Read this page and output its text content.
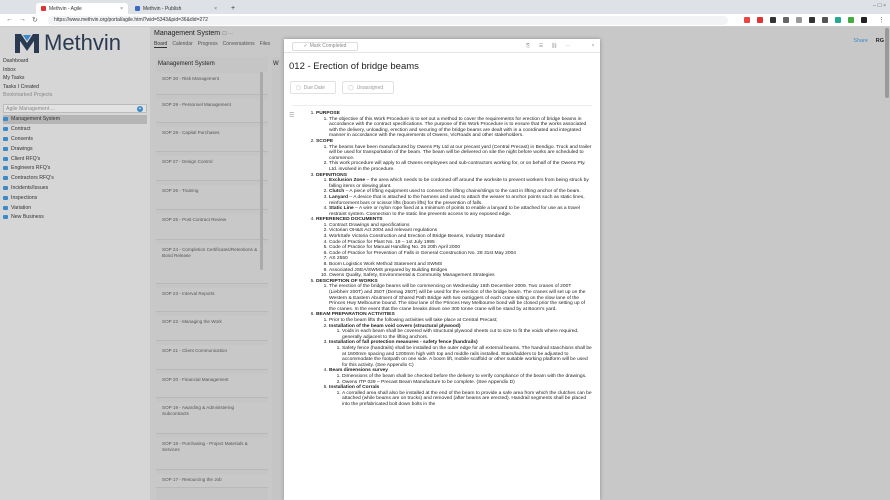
Methvin - Agile	×	Methvin - Publish	× +	– ☐ ×
← → ↻	https://www.methvin.org/portal/agile.html?wid=5343&pid=36&did=272	⋮
Methvin
Dashboard
Inbox
My Tasks
Tasks I Created
Bookmarked Projects
Agile Management ...	+
Management System
Contract
Consents
Drawings
Client RFQ's
Engineers RFQ's
Contractors RFQ's
Incidents/Issues
Inspections
Variation
New Business
Management System ☐ ···
Board Calendar Progress Conversations Files	Share RG
Management System
SOP 30 - Risk Management
SOP 29 - Personnel Management
SOP 28 - Capital Purchases
SOP 27 - Design Control
SOP 26 - Training
SOP 25 - Post Contract Review
SOP 24 - Completion Certificates/Retentions & Bond Release
SOP 23 - Interval Reports
SOP 22 - Managing the Work
SOP 21 - Client Communication
SOP 20 - Financial Management
SOP 19 - Awarding & Administering Subcontracts
SOP 18 - Purchasing - Project Materials & Services
SOP 17 - Resourcing the Job
W
✓ Mark Completed	⎘ ☰ ⛓ ···	×
012 - Erection of bridge beams
▢ Due Date	◯ Unassigned
☰
1.	PURPOSE
1. The objective of this Work Procedure is to set out a method to cover the requirements for erection of bridge beams in accordance with the contract specifications. The purpose of this Work Procedure is to ensure that the works associated with the delivery, unloading, erection and securing of the bridge beams are dealt with in a coordinated and integrated manner in accordance with the requirements of Owens, VicRoads and other stakeholders.
2. SCOPE
1. The beams have been manufactured by Owens Pty Ltd at our precast yard (Central Precast) in Bendigo. Truck and trailer will be used for transportation of the beam. The beam will be delivered on site the night before works are scheduled to commence.
2. This work procedure will apply to all Owens employees and sub-contractors working for, or on behalf of the Owens Pty. Ltd. involved in the procedure.
3. DEFINITIONS
1. Exclusion Zone – the area which needs to be cordoned off around the worksite to prevent workers from being struck by falling items or slewing plant.
2. Clutch – A piece of lifting equipment used to connect the lifting chains/slings to the cast in lifting anchor of the beam.
3. Lanyard – A device that is attached to the harness and used to attach the wearer to anchor points such as static lines, reinforcement bars or scissor lifts (boom lifts) for the prevention of falls.
4. Static Line – A wire or nylon rope fixed at a minimum of points to enable a lanyard to be attached for use as a travel restraint system. Connection to the static line prevents access to any exposed edge.
4. REFERENCED DOCUMENTS
1. Contract Drawings and specifications
2. Victorian OH&S Act 2004 and relevant regulations
3. WorkSafe Victoria Construction and Erection of Bridge Beams, Industry Standard
4. Code of Practice for Plant No. 19 – 1st July 1995
5. Code of Practice for Manual Handling No. 25 20th April 2000
6. Code of Practice for Prevention of Falls in General Construction No. 28 31st May 2004
7. AS 2550
8. Boom Logistics Work Method Statement and SWMS
9. Associated JSEA/SWMS prepared by Building Bridges
10. Owens Quality, Safety, Environmental & Community Management Strategies
5. DESCRIPTION OF WORKS
1. The erection of the bridge beams will be commencing on Wednesday 16th December 2009. Two cranes of 200T (Liebherr 200T) and 250T (Demag 250T) will be used for the erection of the bridge beam. The cranes will set up on the Western & Eastern Abutment of Shared Path Bridge with two outriggers of each crane sitting on the slow lane of the Princes Hwy Melbourne bound. The slow lane of the Princes Hwy Melbourne bond will be closed prior the setting up of the cranes. In the event that the crane breaks down one 300 tonne crane will be stand by at Boom's yard.
6. BEAM PREPARATION ACTIVITIES
1. Prior to the beam lifts the following activities will take place at Central Precast;
2. Installation of the beam void covers (structural plywood)
1. Voids in each beam shall be covered with structural plywood sheets cut to size to fit the voids where required, generally adjacent to the lifting anchors.
3. Installation of fall protection measures - safety fence (handrails)
1. Safety fence (handrails) shall be installed on the outer edge for all external beams. The handrail stanchions shall be at 1600mm spacing and 1200mm high with top and middle rails installed. Stairs/ladders to be adjusted to accommodate the footpath on one side. A boom lift, mobile scaffold or other suitable working platform will be used for this activity. (See Appendix C)
4. Beam dimensions survey
1. Dimensions of the beam shall be checked before the delivery to verify compliance of the beam with the drawings.
2. Owens ITP 029 – Precast Beam Manufacture to be complete. (See Appendix D)
5. Installation of Corrals
1. A corralled area shall also be installed at the end of the beam to provide a safe area from which the clutches can be attached (while beams are on trucks) and removed (after beams are erected). Handrail segments shall be placed into the prefabricated bolt down bolts in the
